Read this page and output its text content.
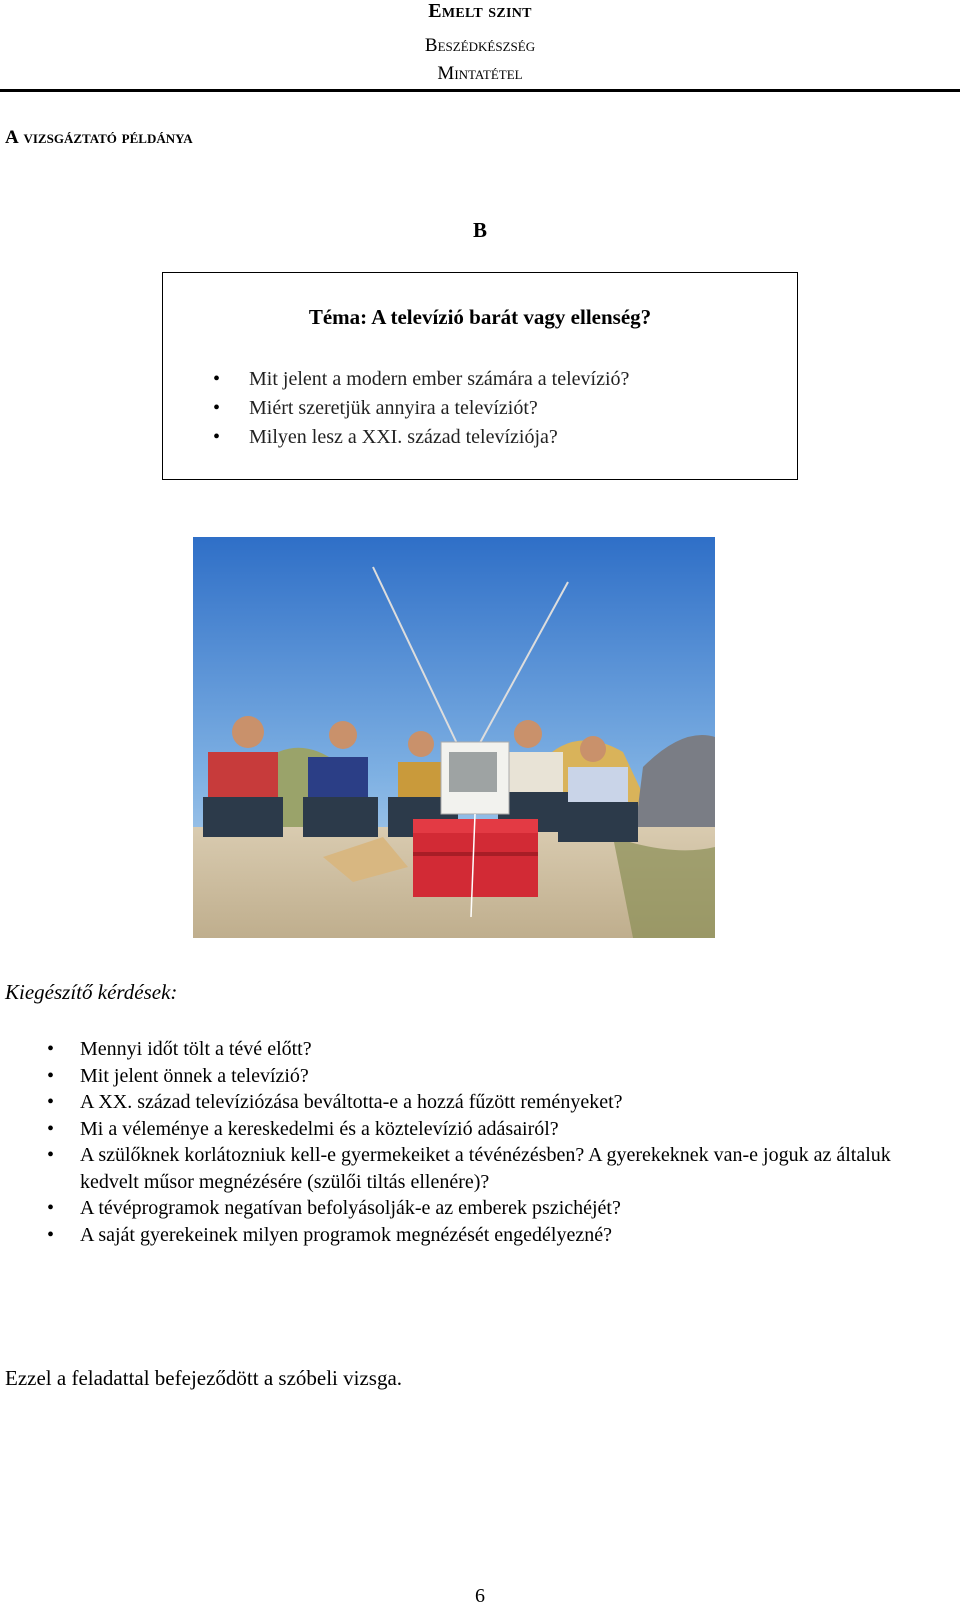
Emelt szint
Beszédkészség
Mintatétel
A vizsgáztató példánya
B
Téma: A televízió barát vagy ellenség?
• Mit jelent a modern ember számára a televízió?
• Miért szeretjük annyira a televíziót?
• Milyen lesz a XXI. század televíziója?
Kiegészítő kérdések:
• Mennyi időt tölt a tévé előtt?
• Mit jelent önnek a televízió?
• A XX. század televíziózása beváltotta-e a hozzá fűzött reményeket?
• Mi a véleménye a kereskedelmi és a köztelevízió adásairól?
• A szülőknek korlátozniuk kell-e gyermekeiket a tévénézésben? A gyerekeknek van-e joguk az általuk kedvelt műsor megnézésére (szülői tiltás ellenére)?
• A tévéprogramok negatívan befolyásolják-e az emberek pszichéjét?
• A saját gyerekeinek milyen programok megnézését engedélyezné?
Ezzel a feladattal befejeződött a szóbeli vizsga.
6
